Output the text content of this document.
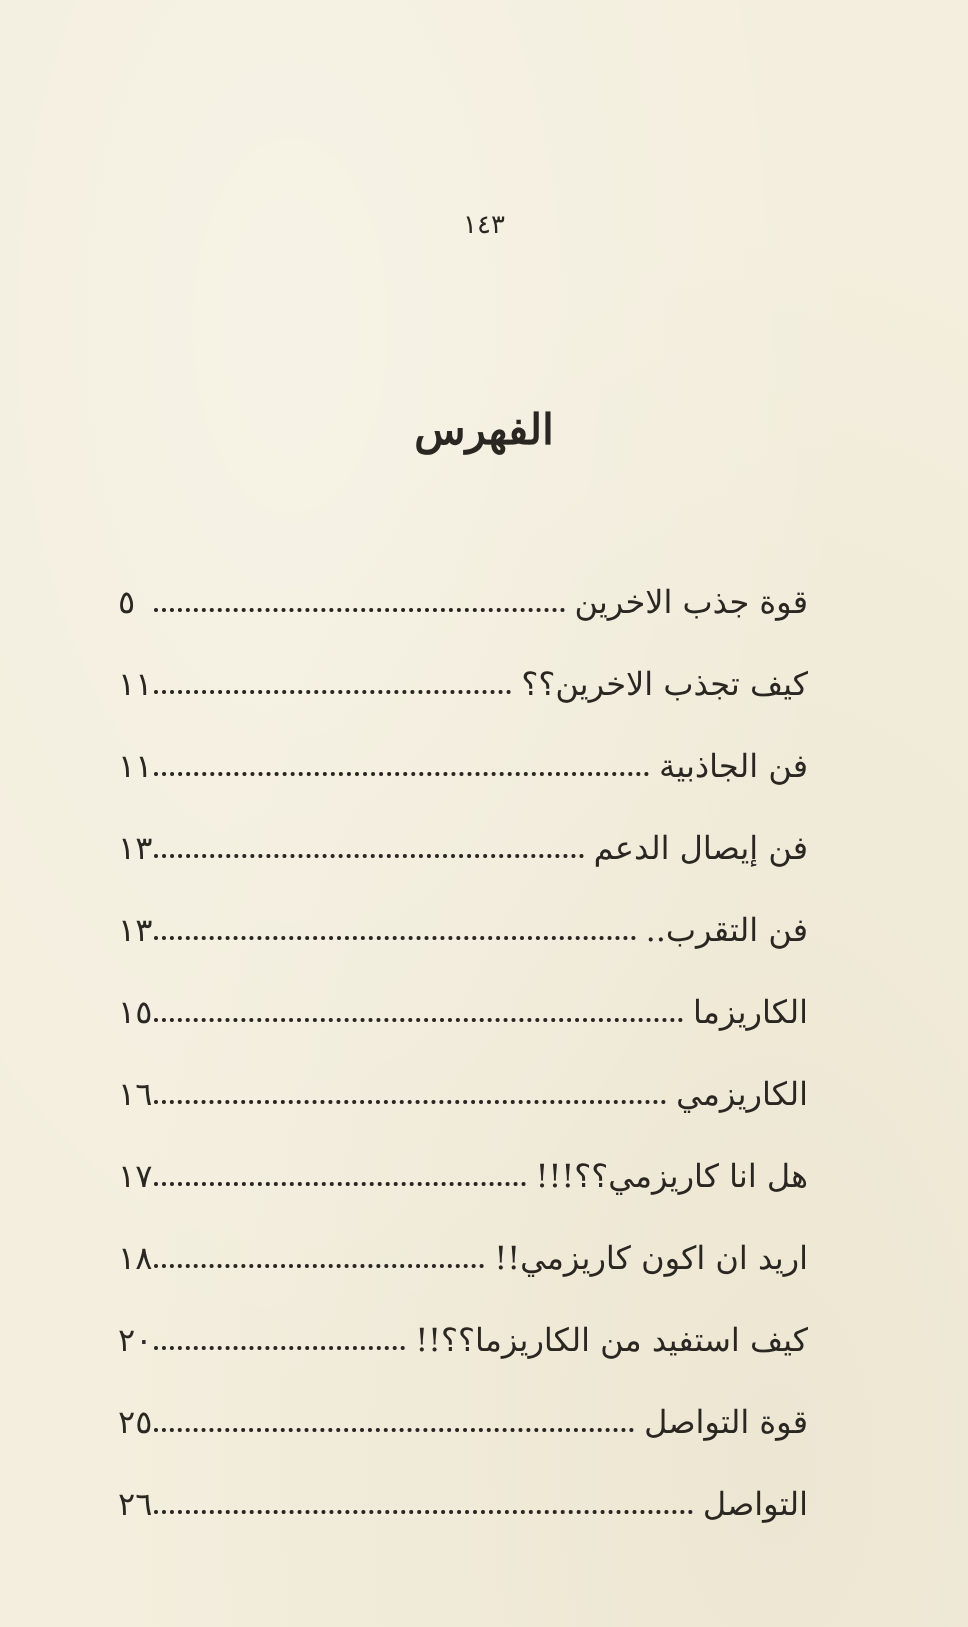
١٤٣
الفهرس
قوة جذب الاخرين
٥
كيف تجذب الاخرين؟؟
١١
فن الجاذبية
١١
فن إيصال الدعم
١٣
فن التقرب..
١٣
الكاريزما
١٥
الكاريزمي
١٦
هل انا كاريزمي؟؟!!!
١٧
اريد ان اكون كاريزمي!!
١٨
كيف استفيد من الكاريزما؟؟!!
٢٠
قوة التواصل
٢٥
التواصل
٢٦
